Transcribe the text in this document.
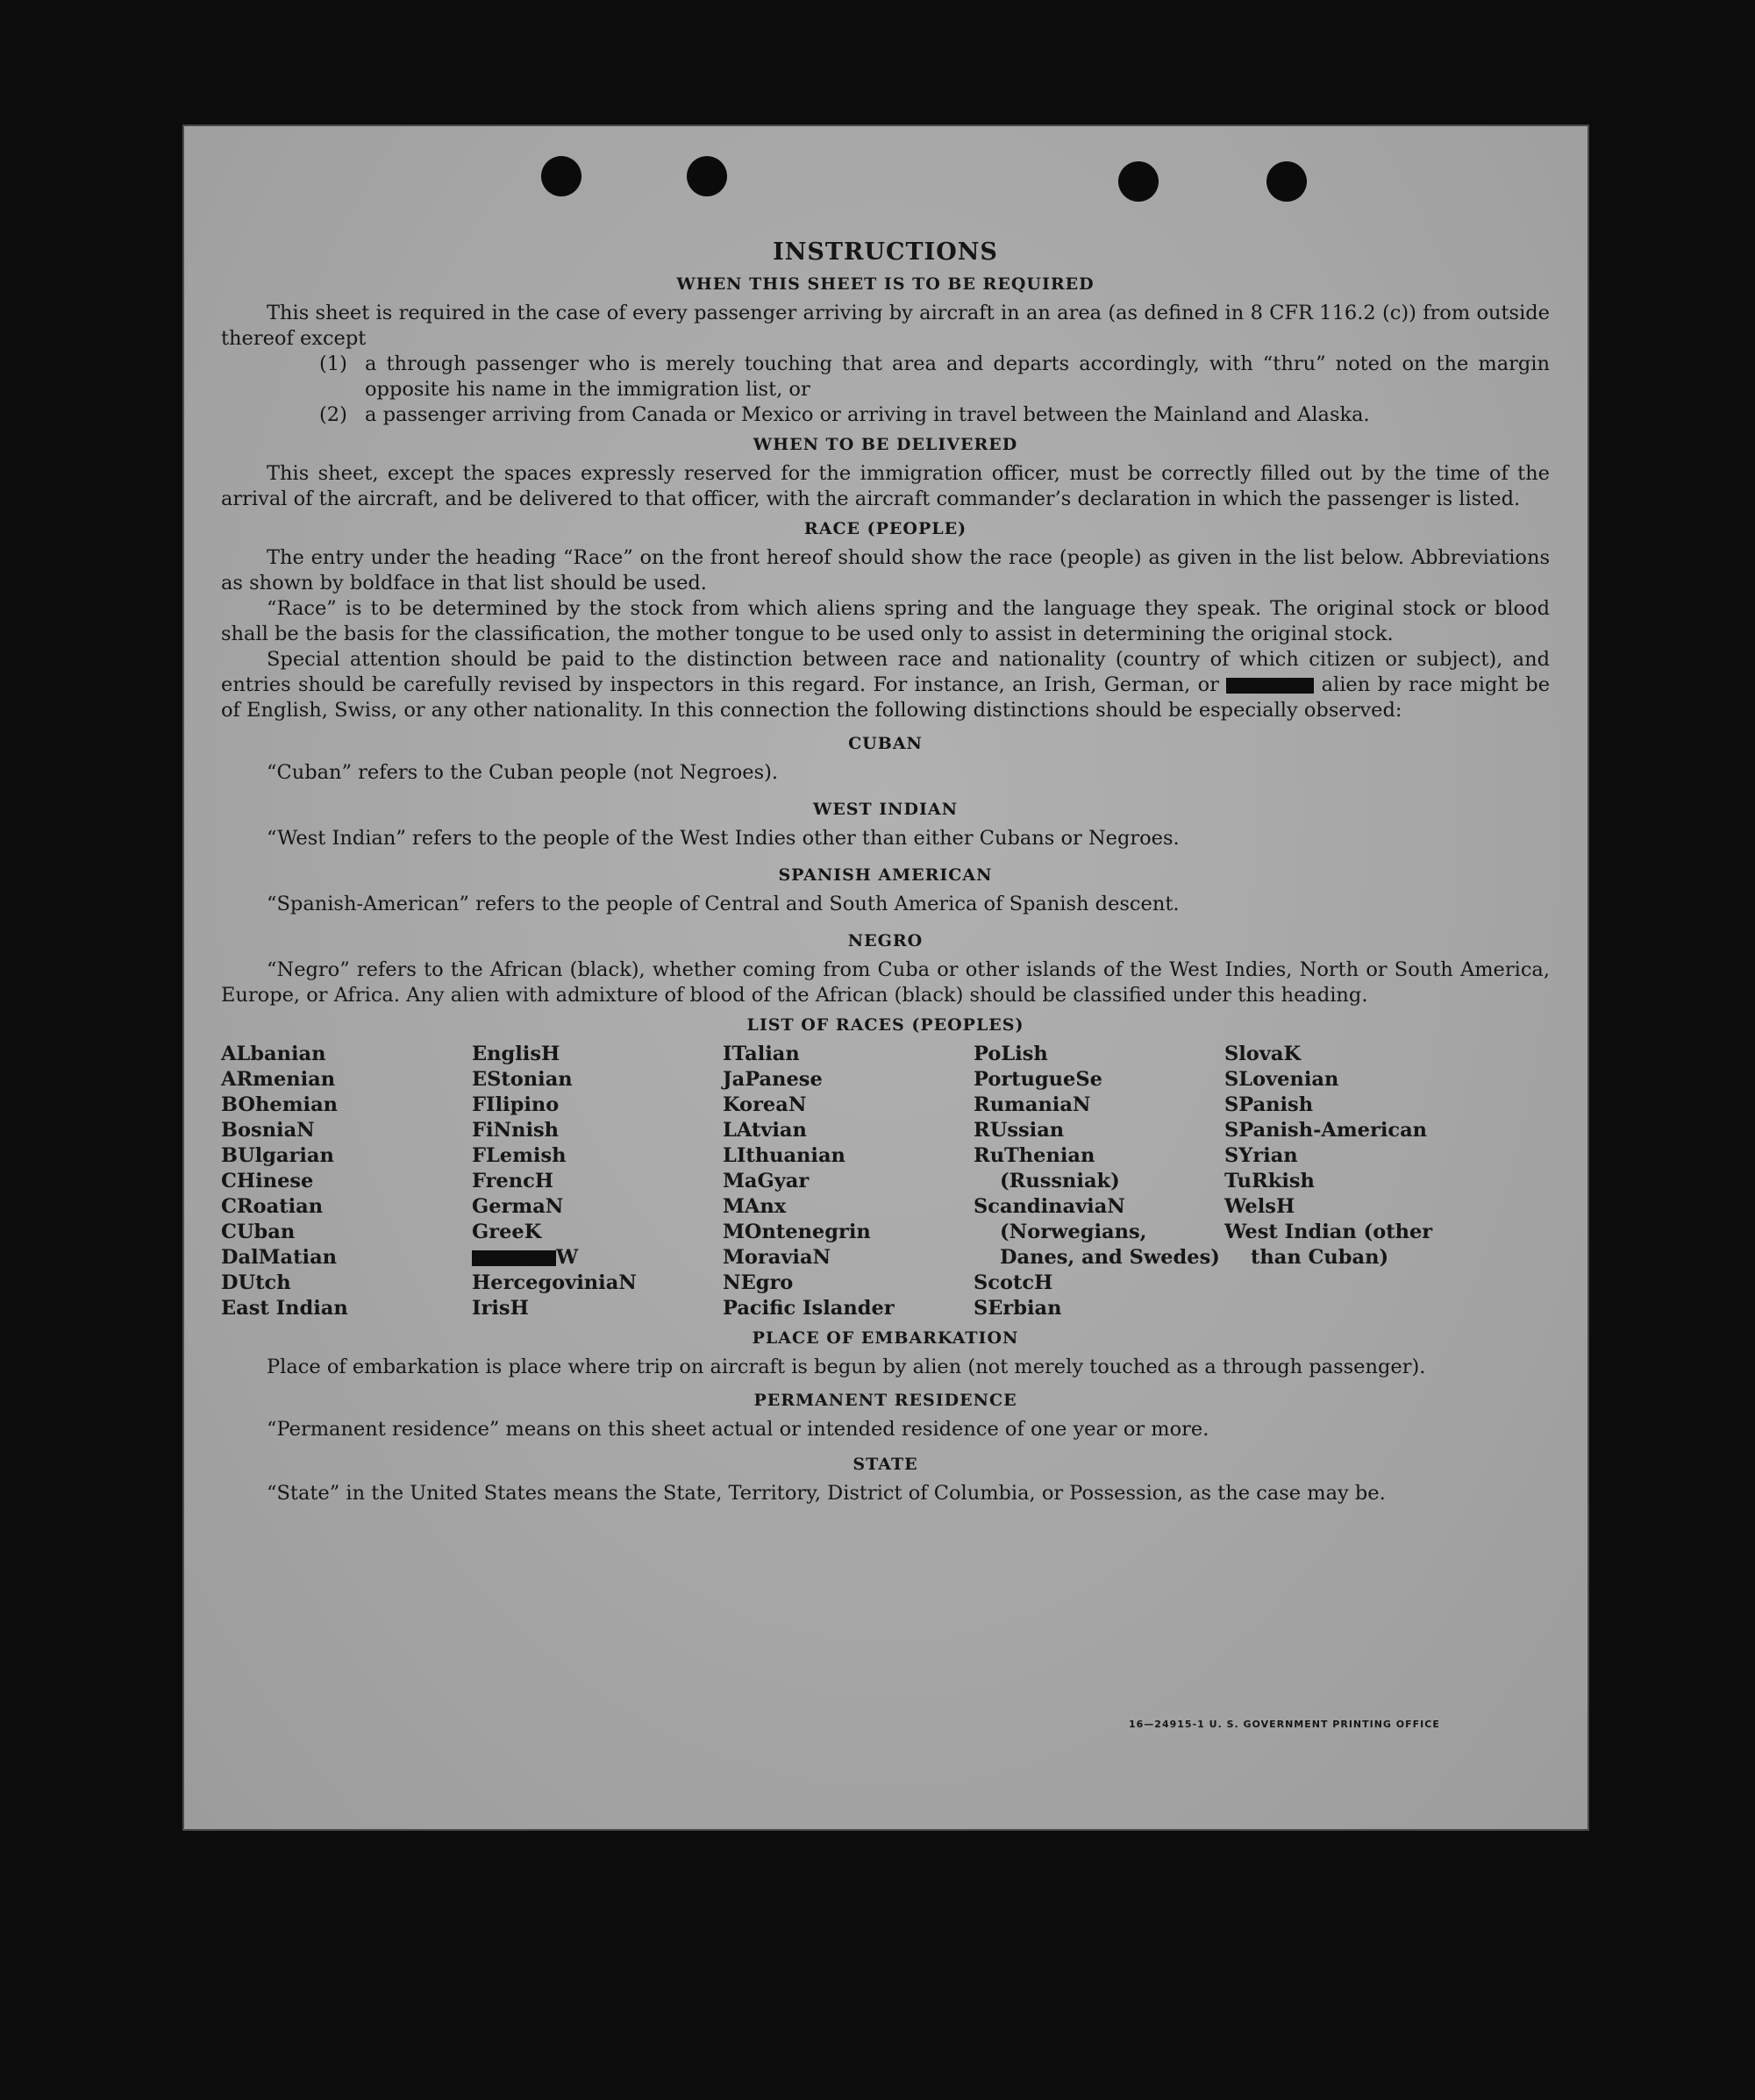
INSTRUCTIONS
WHEN THIS SHEET IS TO BE REQUIRED

This sheet is required in the case of every passenger arriving by aircraft in an area (as defined in 8 CFR 116.2 (c)) from outside thereof except

(1) a through passenger who is merely touching that area and departs accordingly, with “thru” noted on the margin opposite his name in the immigration list, or
(2) a passenger arriving from Canada or Mexico or arriving in travel between the Mainland and Alaska.
WHEN TO BE DELIVERED

This sheet, except the spaces expressly reserved for the immigration officer, must be correctly filled out by the time of the arrival of the aircraft, and be delivered to that officer, with the aircraft commander’s declaration in which the passenger is listed.

RACE (PEOPLE)

The entry under the heading “Race” on the front hereof should show the race (people) as given in the list below. Abbreviations as shown by boldface in that list should be used.

“Race” is to be determined by the stock from which aliens spring and the language they speak. The original stock or blood shall be the basis for the classification, the mother tongue to be used only to assist in determining the original stock.

Special attention should be paid to the distinction between race and nationality (country of which citizen or subject), and entries should be carefully revised by inspectors in this regard. For instance, an Irish, German, or	alien by race might be of English, Swiss, or any other nationality. In this connection the following distinctions should be especially observed:

CUBAN

“Cuban” refers to the Cuban people (not Negroes).

WEST INDIAN

“West Indian” refers to the people of the West Indies other than either Cubans or Negroes.

SPANISH AMERICAN

“Spanish-American” refers to the people of Central and South America of Spanish descent.

NEGRO

“Negro” refers to the African (black), whether coming from Cuba or other islands of the West Indies, North or South America, Europe, or Africa. Any alien with admixture of blood of the African (black) should be classified under this heading.

LIST OF RACES (PEOPLES)
ALbanian
ARmenian
BOhemian
BosniaN
BUlgarian
CHinese
CRoatian
CUban
DalMatian
DUtch
East Indian
EnglisH
EStonian
FIlipino
FiNnish
FLemish
FrencH
GermaN
GreeK
W
HercegoviniaN
IrisH
ITalian
JaPanese
KoreaN
LAtvian
LIthuanian
MaGyar
MAnx
MOntenegrin
MoraviaN
NEgro
Pacific Islander
PoLish
PortugueSe
RumaniaN
RUssian
RuThenian (Russniak)
ScandinaviaN (Norwegians, Danes, and Swedes)
ScotcH
SErbian
SlovaK
SLovenian
SPanish
SPanish-American
SYrian
TuRkish
WelsH
West Indian (other than Cuban)
PLACE OF EMBARKATION

Place of embarkation is place where trip on aircraft is begun by alien (not merely touched as a through passenger).

PERMANENT RESIDENCE

“Permanent residence” means on this sheet actual or intended residence of one year or more.

STATE

“State” in the United States means the State, Territory, District of Columbia, or Possession, as the case may be.

16—24915-1 U. S. GOVERNMENT PRINTING OFFICE
